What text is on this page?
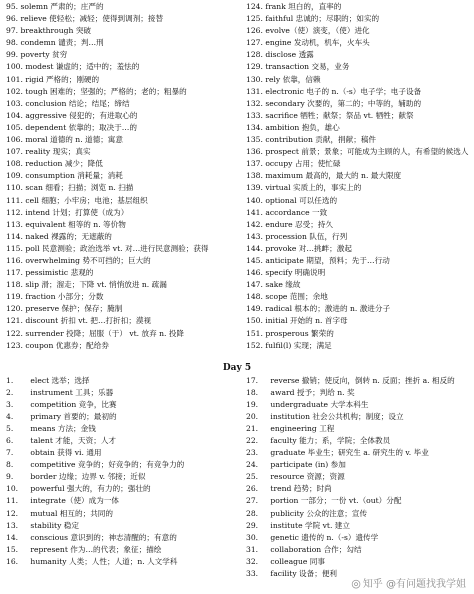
95. solemn 严肃的；庄严的
96. relieve 使轻松；减轻；使得到调剂；接替
97. breakthrough 突破
98. condemn 谴责；判…刑
99. poverty 贫穷
100. modest 谦虚的；适中的；羞怯的
101. rigid 严格的；刚硬的
102. tough 困难的；坚强的；严格的；老的；粗暴的
103. conclusion 结论；结尾；缔结
104. aggressive 侵犯的；有进取心的
105. dependent 依靠的；取决于…的
106. moral 道德的 n. 道德；寓意
107. reality 现实；真实
108. reduction 减少；降低
109. consumption 消耗量；消耗
110. scan 细看；扫描；浏览 n. 扫描
111. cell 细胞；小牢房；电池；基层组织
112. intend 计划；打算使（成为）
113. equivalent 相等的 n. 等价物
114. naked 裸露的；无遮蔽的
115. poll 民意测验；政治选举 vt. 对…进行民意测验；获得
116. overwhelming 势不可挡的；巨大的
117. pessimistic 悲观的
118. slip 滑；溜走；下降 vt. 悄悄放进 n. 疏漏
119. fraction 小部分；分数
120. preserve 保护；保存；腌制
121. discount 折扣 vt. 把…打折扣；漠视
122. surrender 投降；屈服（于） vt. 放弃 n. 投降
123. coupon 优惠券；配给券
124. frank 坦白的，直率的
125. faithful 忠诚的；尽职的；如实的
126. evolve（使）演变，（使）进化
127. engine 发动机，机车，火车头
128. disclose 透露
129. transaction 交易，业务
130. rely 依靠，信赖
131. electronic 电子的 n.（-s）电子学；电子设备
132. secondary 次要的，第二的；中等的，辅助的
133. sacrifice 牺牲；献祭；祭品 vt. 牺牲；献祭
134. ambition 抱负，雄心
135. contribution 贡献，捐献；稿件
136. prospect 前景；景象；可能成为主顾的人，有希望的候选人
137. occupy 占用；使忙碌
138. maximum 最高的，最大的 n. 最大限度
139. virtual 实质上的，事实上的
140. optional 可以任选的
141. accordance 一致
142. endure 忍受；持久
143. procession 队伍，行列
144. provoke 对…挑衅；激起
145. anticipate 期望，预料；先于…行动
146. specify 明确说明
147. sake 缘故
148. scope 范围；余地
149. radical 根本的；激进的 n. 激进分子
150. initial 开始的 n. 首字母
151. prosperous 繁荣的
152. fulfil(l) 实现；满足
Day 5
1. elect 选举；选择
2. instrument 工具；乐器
3. competition 竞争，比赛
4. primary 首要的；最初的
5. means 方法；金钱
6. talent 才能，天资；人才
7. obtain 获得 vi. 通用
8. competitive 竞争的；好竞争的；有竞争力的
9. border 边缘；边界 v. 邻接；近似
10. powerful 强大的，有力的；强壮的
11. integrate（使）成为一体
12. mutual 相互的；共同的
13. stability 稳定
14. conscious 意识到的；神志清醒的；有意的
15. represent 作为…的代表；象征；描绘
16. humanity 人类；人性；人道；n. 人文学科
17. reverse 撤销；使反向，倒转 n. 反面；挫折 a. 相反的
18. award 授予；判给 n. 奖
19. undergraduate 大学本科生
20. institution 社会公共机构；制度；设立
21. engineering 工程
22. faculty 能力；系，学院；全体教员
23. graduate 毕业生；研究生 a. 研究生的 v. 毕业
24. participate (in) 参加
25. resource 资源；资源
26. trend 趋势；时尚
27. portion 一部分；一份 vt.（out）分配
28. publicity 公众的注意；宣传
29. institute 学院 vt. 建立
30. genetic 遗传的 n.（-s）遗传学
31. collaboration 合作；勾结
32. colleague 同事
33. facility 设备；便利
◎ 知乎 @有问题找我学姐
